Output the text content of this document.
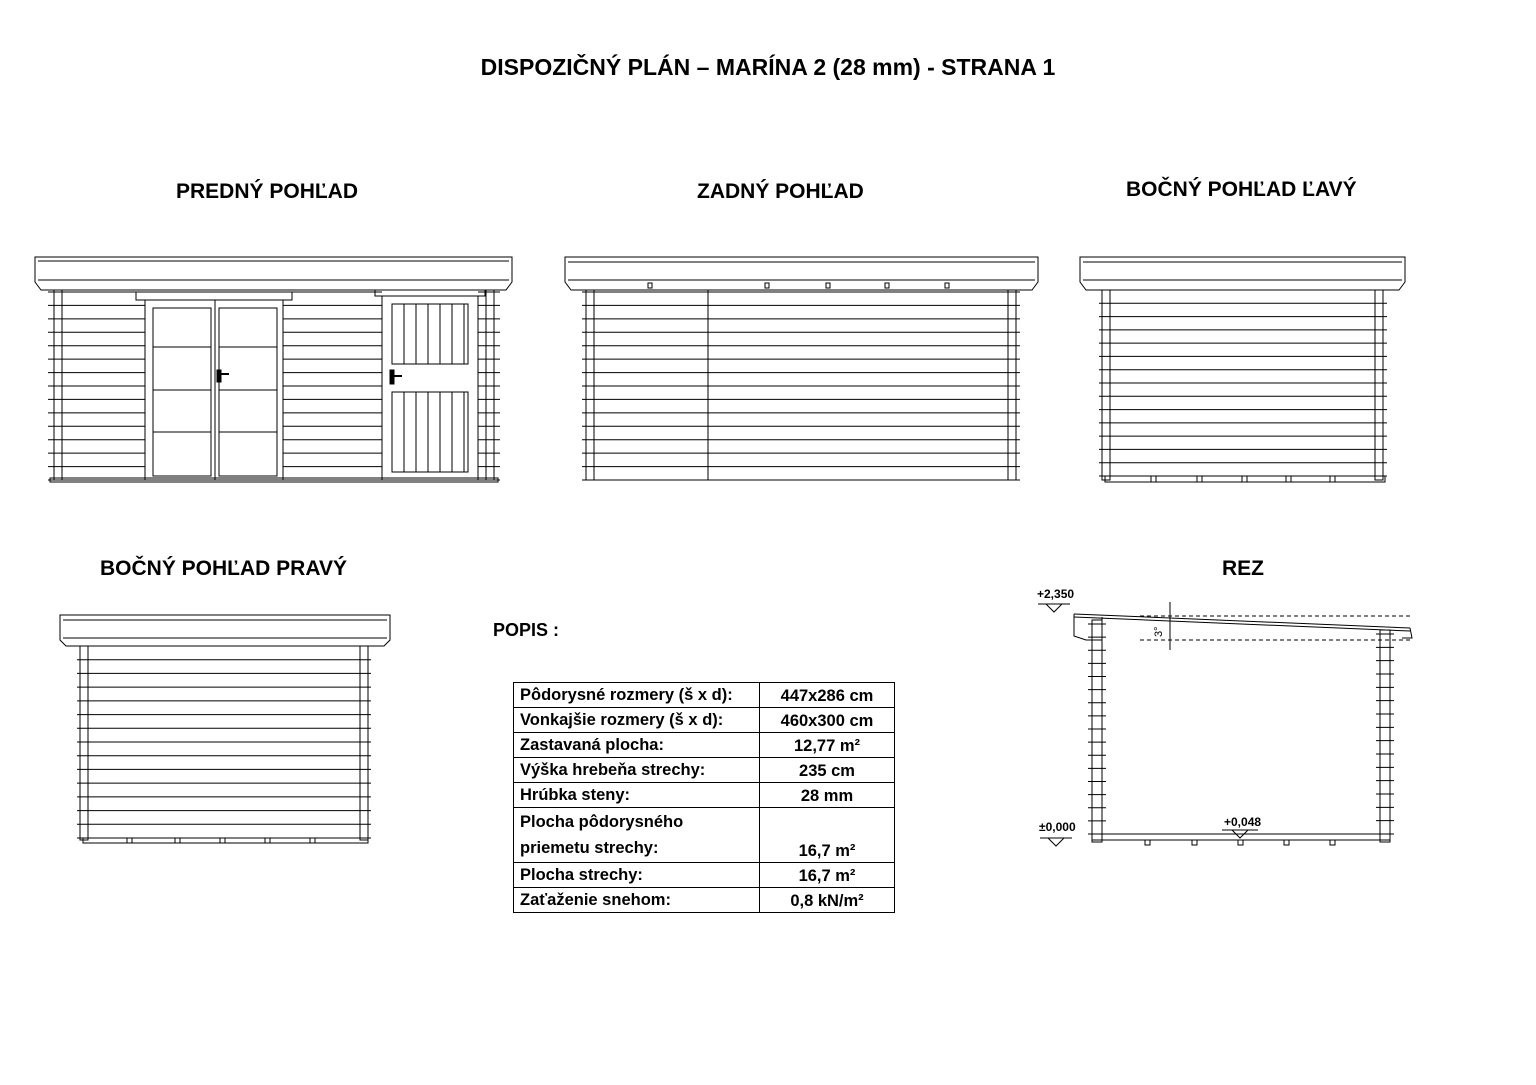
DISPOZIČNÝ PLÁN – MARÍNA 2 (28 mm) - STRANA 1
PREDNÝ POHĽAD	ZADNÝ POHĽAD	BOČNÝ POHĽAD ĽAVÝ
BOČNÝ POHĽAD PRAVÝ	REZ
+2,350
±0,000	+0,048
3°
POPIS :
Pôdorysné rozmery (š x d):	447x286 cm
Vonkajšie rozmery (š x d):	460x300 cm
Zastavaná plocha:	12,77 m²
Výška hrebeňa strechy:	235 cm
Hrúbka steny:	28 mm
Plocha pôdorysného priemetu strechy:	16,7 m²
Plocha strechy:	16,7 m²
Zaťaženie snehom:	0,8 kN/m²
